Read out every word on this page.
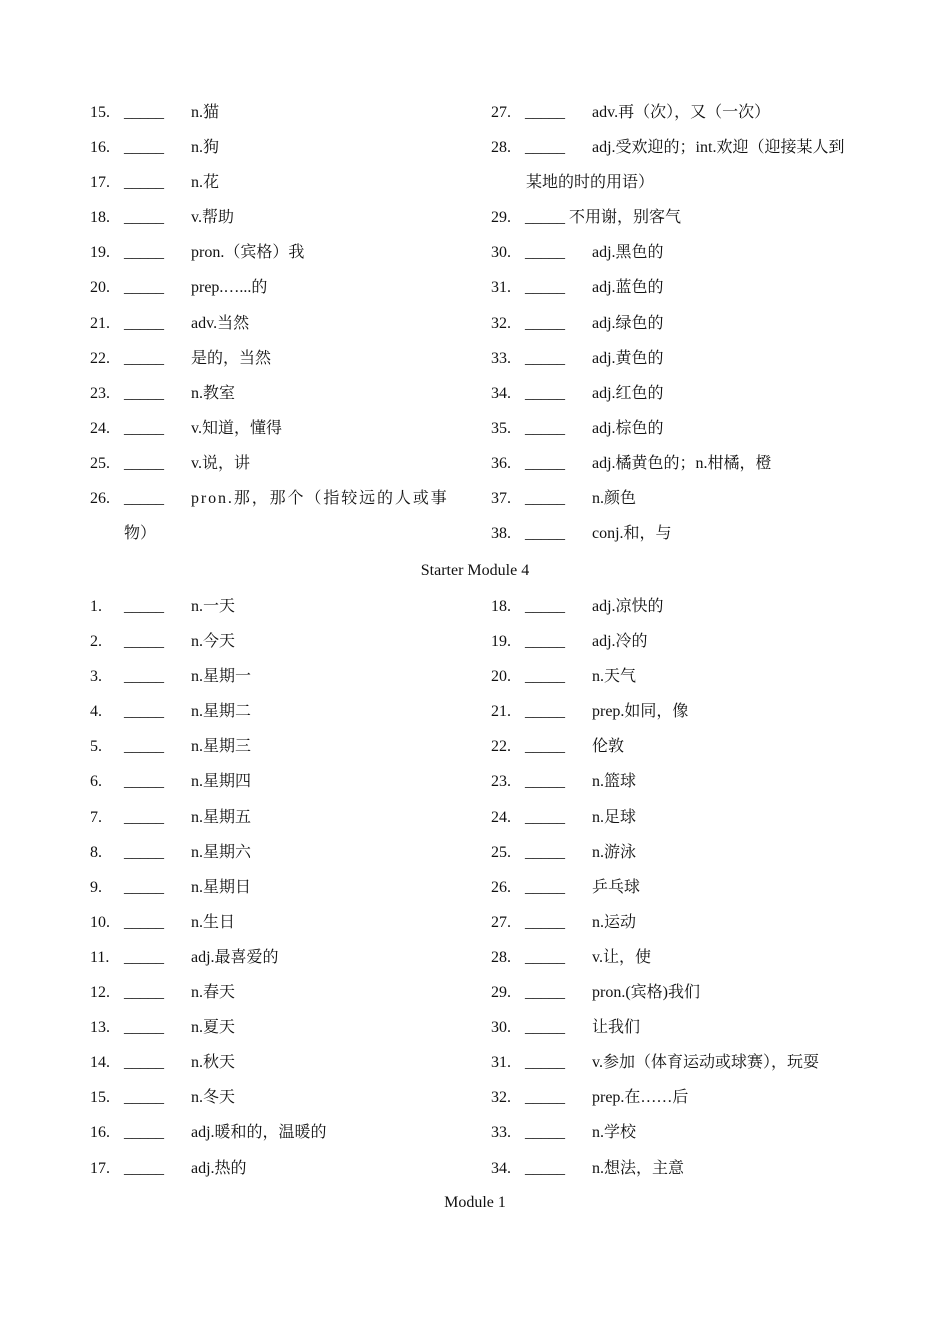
15. _____ n.猫
16. _____ n.狗
17. _____ n.花
18. _____ v.帮助
19. _____ pron.（宾格）我
20. _____ prep.…...的
21. _____ adv.当然
22. _____ 是的，当然
23. _____ n.教室
24. _____ v.知道，懂得
25. _____ v.说，讲
26. _____ pron.那，那个（指较远的人或事
物）
27. _____ adv.再（次），又（一次）
28. _____ adj.受欢迎的；int.欢迎（迎接某人到
某地的时的用语）
29. _____ 不用谢，别客气
30. _____ adj.黑色的
31. _____ adj.蓝色的
32. _____ adj.绿色的
33. _____ adj.黄色的
34. _____ adj.红色的
35. _____ adj.棕色的
36. _____ adj.橘黄色的；n.柑橘，橙
37. _____ n.颜色
38. _____ conj.和，与
Starter Module 4
1.	_____ n.一天
2.	_____ n.今天
3.	_____ n.星期一
4.	_____ n.星期二
5.	_____ n.星期三
6.	_____ n.星期四
7.	_____ n.星期五
8.	_____ n.星期六
9.	_____ n.星期日
10. _____ n.生日
11. _____ adj.最喜爱的
12. _____ n.春天
13. _____ n.夏天
14. _____ n.秋天
15. _____ n.冬天
16. _____ adj.暖和的，温暖的
17. _____ adj.热的
18. _____ adj.凉快的
19. _____ adj.冷的
20. _____ n.天气
21. _____ prep.如同，像
22. _____ 伦敦
23. _____ n.篮球
24. _____ n.足球
25. _____ n.游泳
26. _____ 乒乓球
27. _____ n.运动
28. _____ v.让，使
29. _____ pron.(宾格)我们
30. _____ 让我们
31. _____ v.参加（体育运动或球赛），玩耍
32. _____ prep.在……后
33. _____ n.学校
34. _____ n.想法，主意
Module 1
